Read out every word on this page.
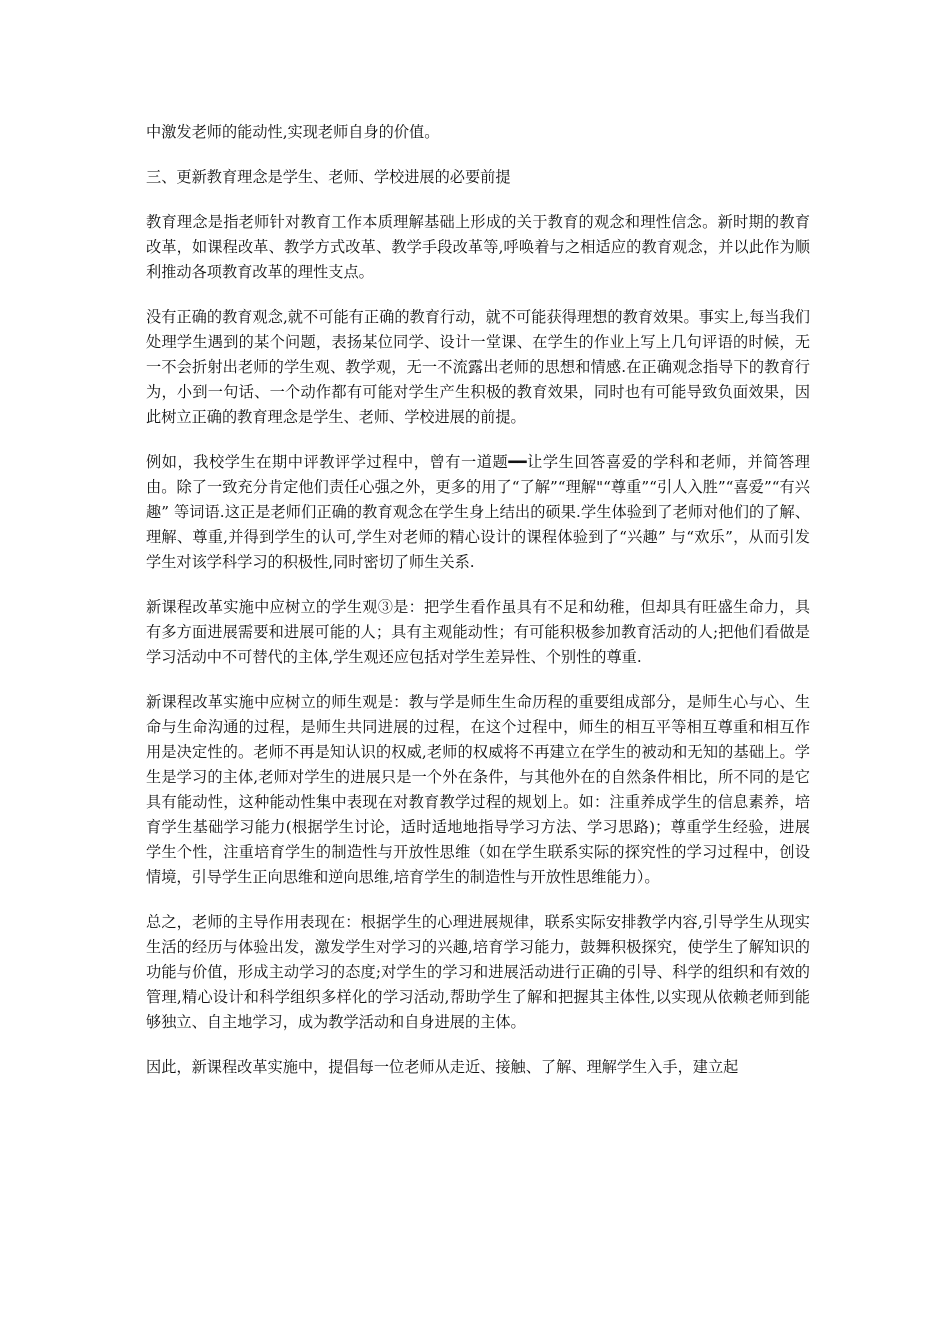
中激发老师的能动性,实现老师自身的价值。

三、更新教育理念是学生、老师、学校进展的必要前提

教育理念是指老师针对教育工作本质理解基础上形成的关于教育的观念和理性信念。新时期的教育改革，如课程改革、教学方式改革、教学手段改革等,呼唤着与之相适应的教育观念，并以此作为顺利推动各项教育改革的理性支点。

没有正确的教育观念,就不可能有正确的教育行动，就不可能获得理想的教育效果。事实上,每当我们处理学生遇到的某个问题，表扬某位同学、设计一堂课、在学生的作业上写上几句评语的时候，无一不会折射出老师的学生观、教学观，无一不流露出老师的思想和情感.在正确观念指导下的教育行为，小到一句话、一个动作都有可能对学生产生积极的教育效果，同时也有可能导致负面效果，因此树立正确的教育理念是学生、老师、学校进展的前提。

例如，我校学生在期中评教评学过程中，曾有一道题━━让学生回答喜爱的学科和老师，并简答理由。除了一致充分肯定他们责任心强之外，更多的用了“了解”“理解"“尊重”“引人入胜”“喜爱”“有兴趣” 等词语.这正是老师们正确的教育观念在学生身上结出的硕果.学生体验到了老师对他们的了解、理解、尊重,并得到学生的认可,学生对老师的精心设计的课程体验到了“兴趣” 与“欢乐”，从而引发学生对该学科学习的积极性,同时密切了师生关系.

新课程改革实施中应树立的学生观③是：把学生看作虽具有不足和幼稚，但却具有旺盛生命力，具有多方面进展需要和进展可能的人；具有主观能动性；有可能积极参加教育活动的人;把他们看做是学习活动中不可替代的主体,学生观还应包括对学生差异性、个别性的尊重.

新课程改革实施中应树立的师生观是：教与学是师生生命历程的重要组成部分，是师生心与心、生命与生命沟通的过程，是师生共同进展的过程，在这个过程中，师生的相互平等相互尊重和相互作用是决定性的。老师不再是知认识的权威,老师的权威将不再建立在学生的被动和无知的基础上。学生是学习的主体,老师对学生的进展只是一个外在条件，与其他外在的自然条件相比，所不同的是它具有能动性，这种能动性集中表现在对教育教学过程的规划上。如：注重养成学生的信息素养，培育学生基础学习能力(根据学生讨论，适时适地地指导学习方法、学习思路)；尊重学生经验，进展学生个性，注重培育学生的制造性与开放性思维（如在学生联系实际的探究性的学习过程中，创设情境，引导学生正向思维和逆向思维,培育学生的制造性与开放性思维能力）。

总之，老师的主导作用表现在：根据学生的心理进展规律，联系实际安排教学内容,引导学生从现实生活的经历与体验出发，激发学生对学习的兴趣,培育学习能力，鼓舞积极探究，使学生了解知识的功能与价值，形成主动学习的态度;对学生的学习和进展活动进行正确的引导、科学的组织和有效的管理,精心设计和科学组织多样化的学习活动,帮助学生了解和把握其主体性,以实现从依赖老师到能够独立、自主地学习，成为教学活动和自身进展的主体。

因此，新课程改革实施中，提倡每一位老师从走近、接触、了解、理解学生入手，建立起
